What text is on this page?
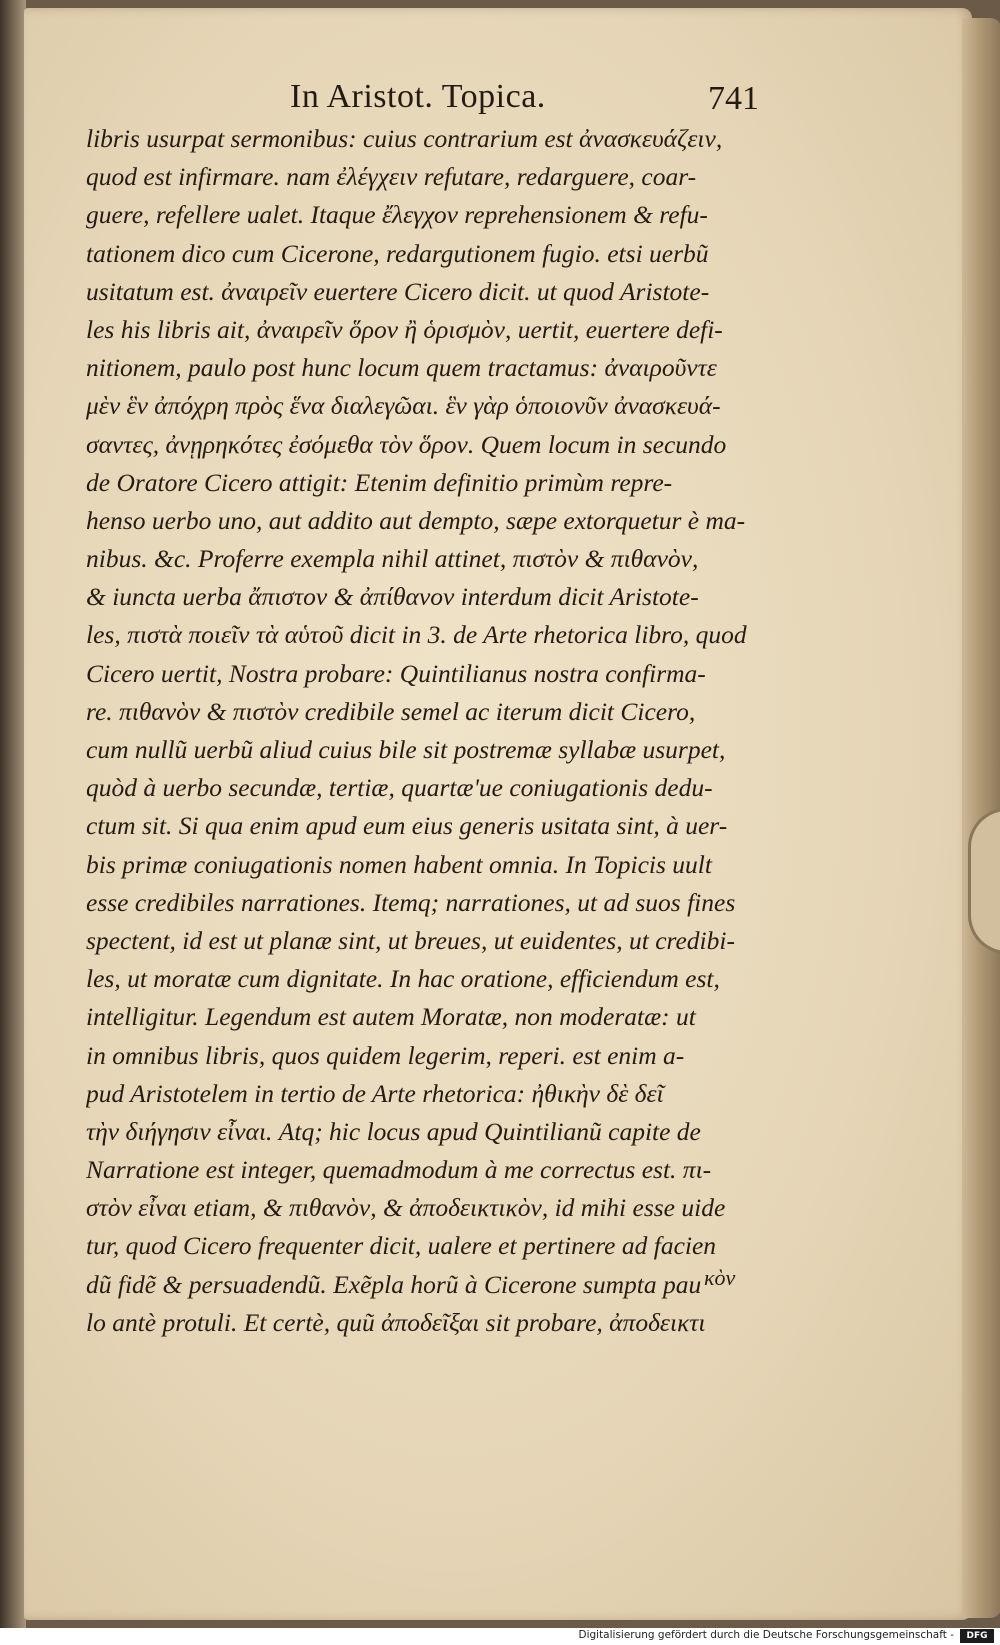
In Aristot. Topica.	741
libris usurpat sermonibus: cuius contrarium est ἀνασκευάζειν,
quod est infirmare. nam ἐλέγχειν refutare, redarguere, coar-
guere, refellere ualet. Itaque ἔλεγχον reprehensionem & refu-
tationem dico cum Cicerone, redargutionem fugio. etsi uerbũ
usitatum est. ἀναιρεῖν euertere Cicero dicit. ut quod Aristote-
les his libris ait, ἀναιρεῖν ὅρον ἢ ὁρισμὸν, uertit, euertere defi-
nitionem, paulo post hunc locum quem tractamus: ἀναιροῦντε
μὲν ἓν ἀπόχρη πρὸς ἕνα διαλεγῶαι. ἓν γὰρ ὁποιονῦν ἀνασκευά-
σαντες, ἀνῃρηκότες ἐσόμεθα τὸν ὅρον. Quem locum in secundo
de Oratore Cicero attigit: Etenim definitio primùm repre-
henso uerbo uno, aut addito aut dempto, sæpe extorquetur è ma-
nibus. &c. Proferre exempla nihil attinet, πιστὸν & πιθανὸν,
& iuncta uerba ἄπιστον & ἀπίθανον interdum dicit Aristote-
les, πιστὰ ποιεῖν τὰ αὑτοῦ dicit in 3. de Arte rhetorica libro, quod
Cicero uertit, Nostra probare: Quintilianus nostra confirma-
re. πιθανὸν & πιστὸν credibile semel ac iterum dicit Cicero,
cum nullũ uerbũ aliud cuius bile sit postremæ syllabæ usurpet,
quòd à uerbo secundæ, tertiæ, quartæ'ue coniugationis dedu-
ctum sit. Si qua enim apud eum eius generis usitata sint, à uer-
bis primæ coniugationis nomen habent omnia. In Topicis uult
esse credibiles narrationes. Itemq; narrationes, ut ad suos fines
spectent, id est ut planæ sint, ut breues, ut euidentes, ut credibi-
les, ut moratæ cum dignitate. In hac oratione, efficiendum est,
intelligitur. Legendum est autem Moratæ, non moderatæ: ut
in omnibus libris, quos quidem legerim, reperi. est enim a-
pud Aristotelem in tertio de Arte rhetorica: ἠθικὴν δὲ δεῖ
τὴν διήγησιν εἶναι. Atq; hic locus apud Quintilianũ capite de
Narratione est integer, quemadmodum à me correctus est. πι-
στὸν εἶναι etiam, & πιθανὸν, & ἀποδεικτικὸν, id mihi esse uide
tur, quod Cicero frequenter dicit, ualere et pertinere ad facien
dũ fidẽ & persuadendũ. Exẽpla horũ à Cicerone sumpta pau
lo antè protuli. Et certè, quũ ἀποδεῖξαι sit probare, ἀποδεικτι
κὸν
Digitalisierung gefördert durch die Deutsche Forschungsgemeinschaft -	DFG
